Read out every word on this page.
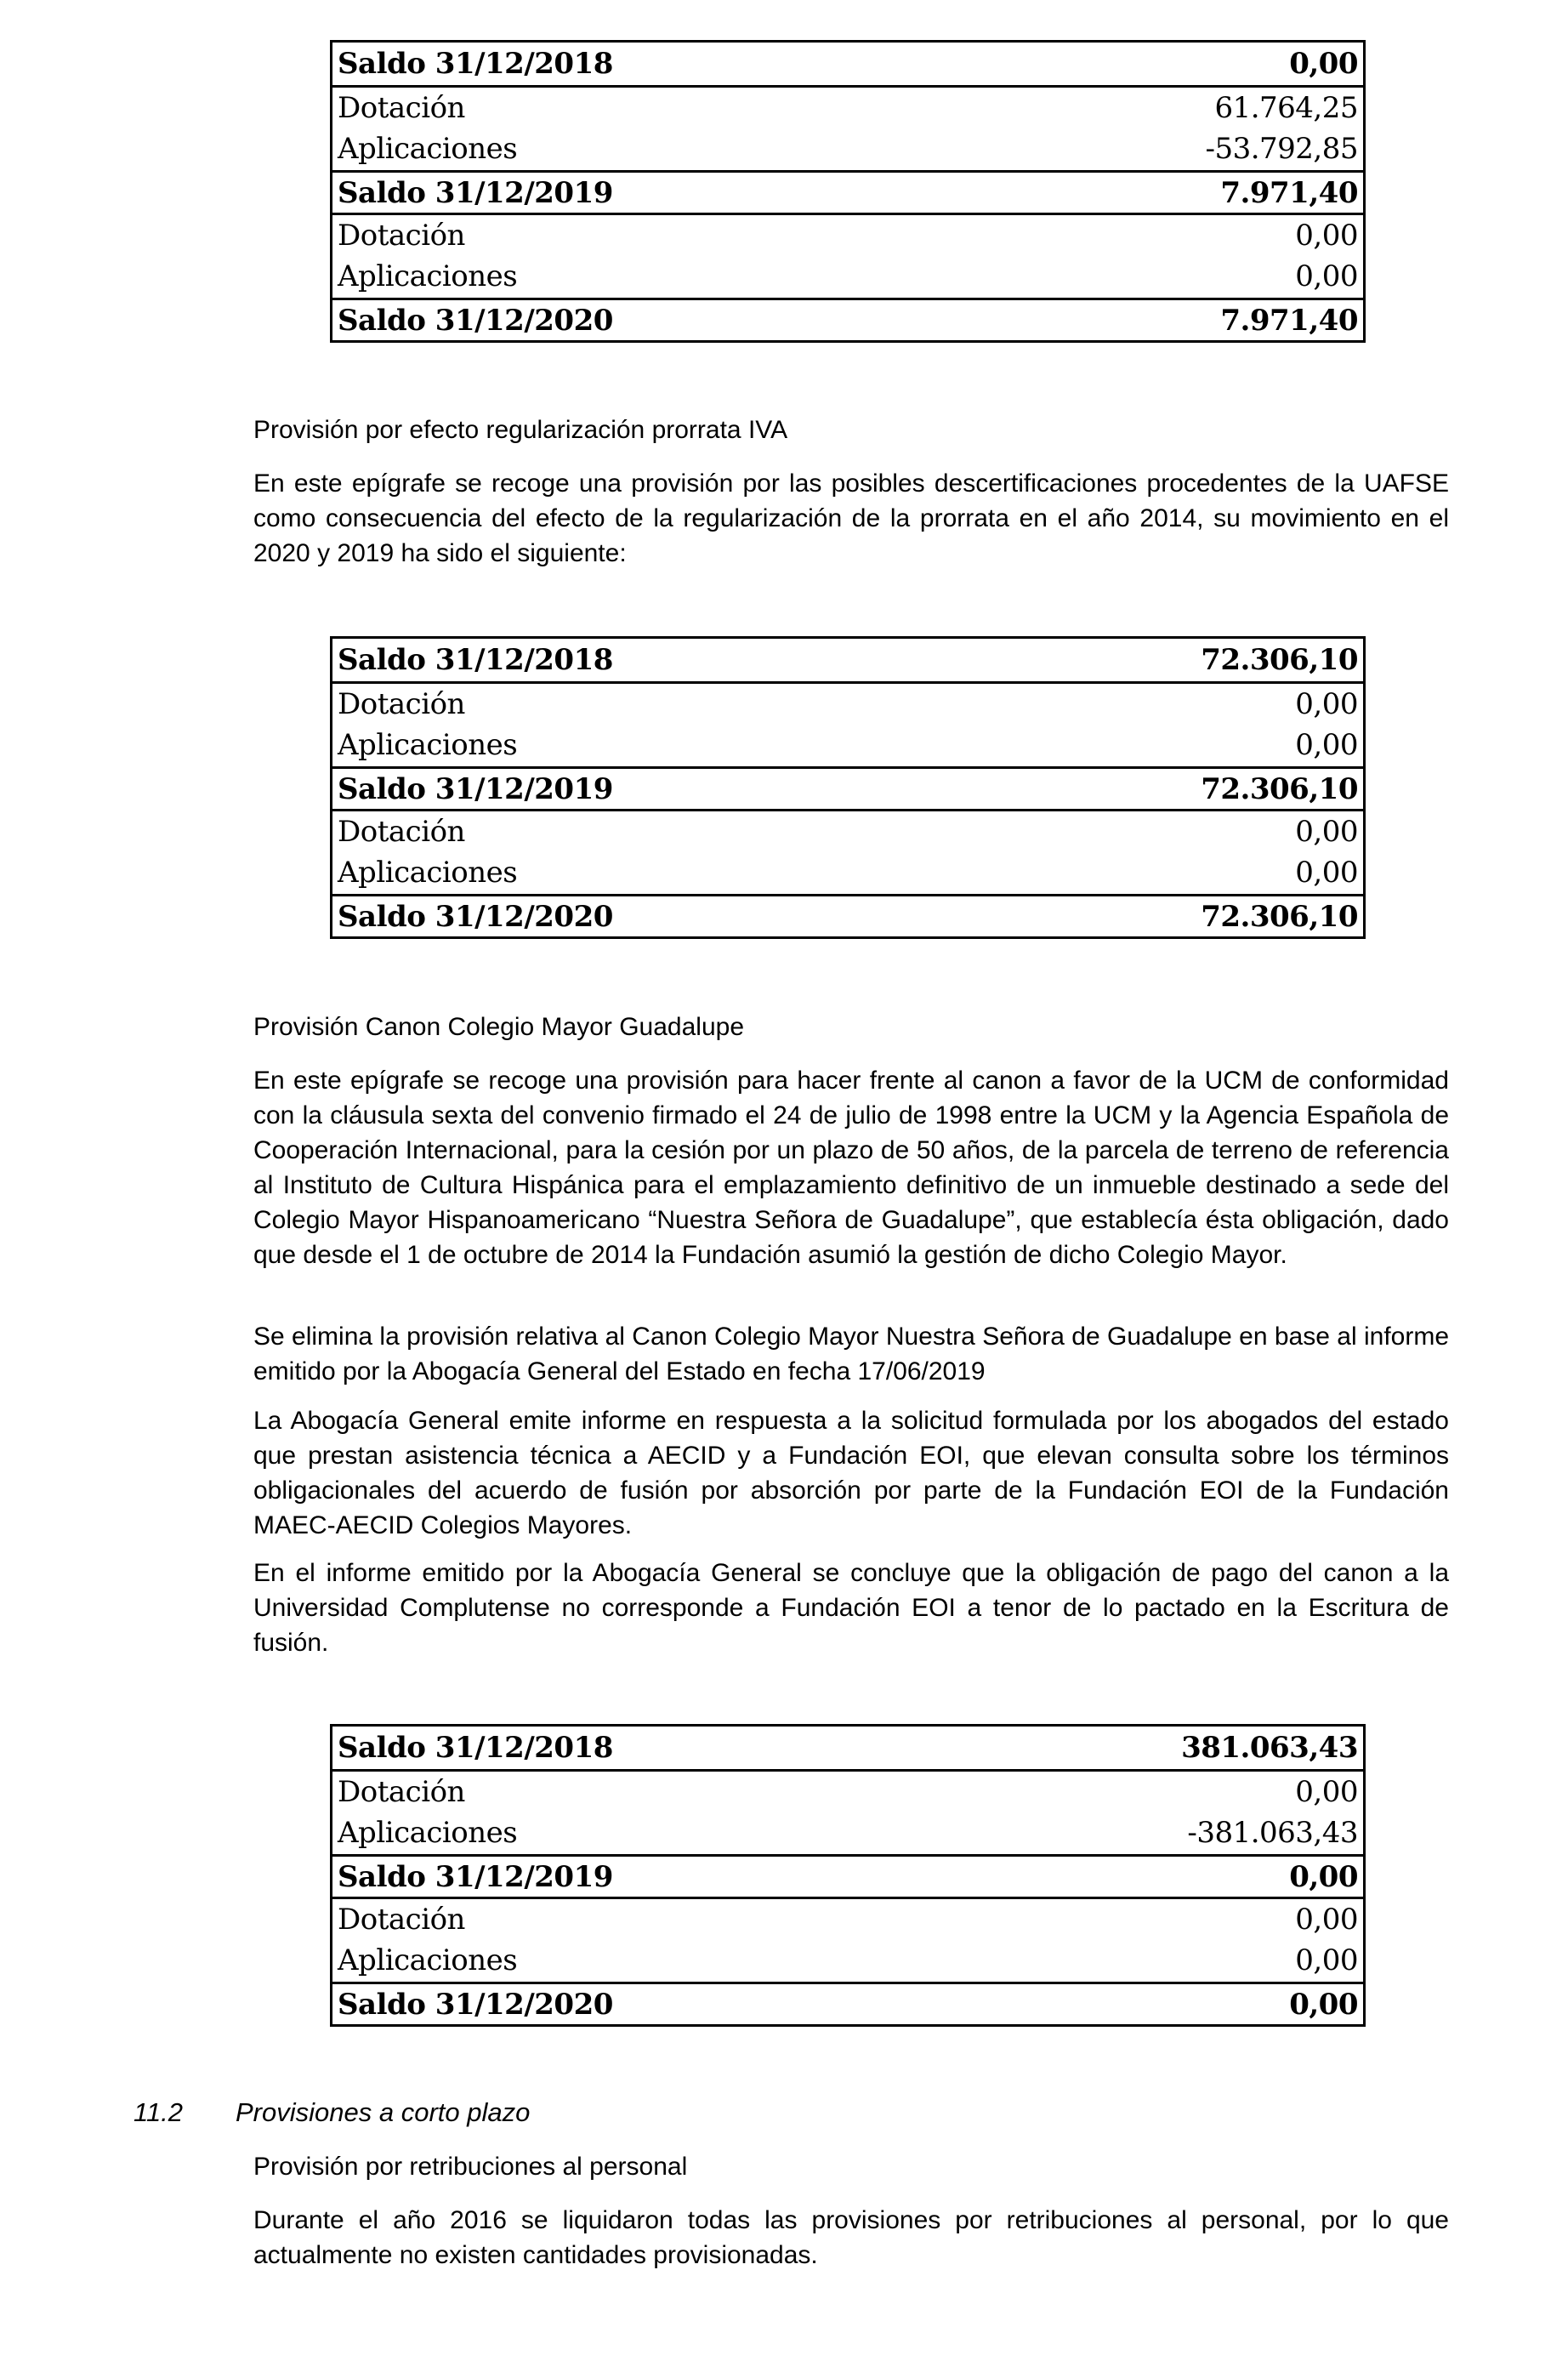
Saldo 31/12/2018	0,00
Dotación	61.764,25
Aplicaciones	-53.792,85
Saldo 31/12/2019	7.971,40
Dotación	0,00
Aplicaciones	0,00
Saldo 31/12/2020	7.971,40

Provisión por efecto regularización prorrata IVA

En este epígrafe se recoge una provisión por las posibles descertificaciones procedentes de la UAFSE como consecuencia del efecto de la regularización de la prorrata en el año 2014, su movimiento en el 2020 y 2019 ha sido el siguiente:

Saldo 31/12/2018	72.306,10
Dotación	0,00
Aplicaciones	0,00
Saldo 31/12/2019	72.306,10
Dotación	0,00
Aplicaciones	0,00
Saldo 31/12/2020	72.306,10

Provisión Canon Colegio Mayor Guadalupe

En este epígrafe se recoge una provisión para hacer frente al canon a favor de la UCM de conformidad con la cláusula sexta del convenio firmado el 24 de julio de 1998 entre la UCM y la Agencia Española de Cooperación Internacional, para la cesión por un plazo de 50 años, de la parcela de terreno de referencia al Instituto de Cultura Hispánica para el emplazamiento definitivo de un inmueble destinado a sede del Colegio Mayor Hispanoamericano “Nuestra Señora de Guadalupe”, que establecía ésta obligación, dado que desde el 1 de octubre de 2014 la Fundación asumió la gestión de dicho Colegio Mayor.

Se elimina la provisión relativa al Canon Colegio Mayor Nuestra Señora de Guadalupe en base al informe emitido por la Abogacía General del Estado en fecha 17/06/2019

La Abogacía General emite informe en respuesta a la solicitud formulada por los abogados del estado que prestan asistencia técnica a AECID y a Fundación EOI, que elevan consulta sobre los términos obligacionales del acuerdo de fusión por absorción por parte de la Fundación EOI de la Fundación MAEC-AECID Colegios Mayores.

En el informe emitido por la Abogacía General se concluye que la obligación de pago del canon a la Universidad Complutense no corresponde a Fundación EOI a tenor de lo pactado en la Escritura de fusión.

Saldo 31/12/2018	381.063,43
Dotación	0,00
Aplicaciones	-381.063,43
Saldo 31/12/2019	0,00
Dotación	0,00
Aplicaciones	0,00
Saldo 31/12/2020	0,00
11.2 Provisiones a corto plazo

Provisión por retribuciones al personal

Durante el año 2016 se liquidaron todas las provisiones por retribuciones al personal, por lo que actualmente no existen cantidades provisionadas.
